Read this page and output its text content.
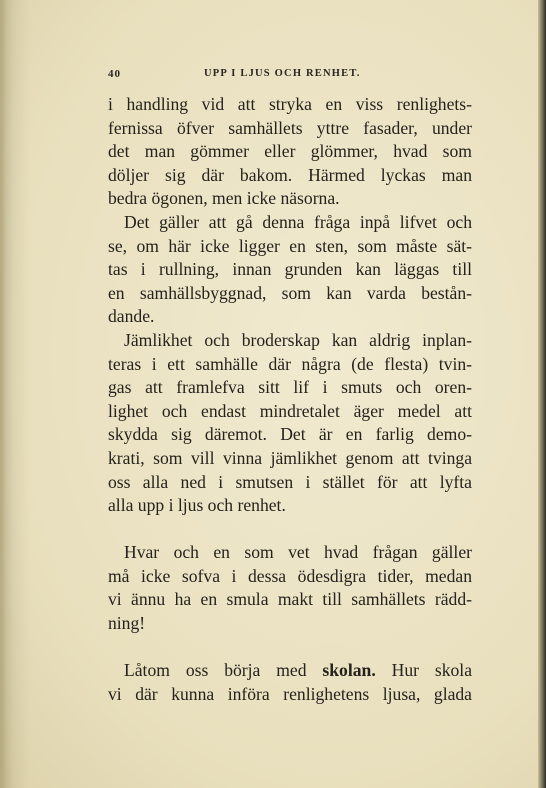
40	UPP I LJUS OCH RENHET.
i handling vid att stryka en viss renlighets-
fernissa öfver samhällets yttre fasader, under
det man gömmer eller glömmer, hvad som
döljer sig där bakom. Härmed lyckas man
bedra ögonen, men icke näsorna.
Det gäller att gå denna fråga inpå lifvet och
se, om här icke ligger en sten, som måste sät-
tas i rullning, innan grunden kan läggas till
en samhällsbyggnad, som kan varda bestån-
dande.
Jämlikhet och broderskap kan aldrig inplan-
teras i ett samhälle där några (de flesta) tvin-
gas att framlefva sitt lif i smuts och oren-
lighet och endast mindretalet äger medel att
skydda sig däremot. Det är en farlig demo-
krati, som vill vinna jämlikhet genom att tvinga
oss alla ned i smutsen i stället för att lyfta
alla upp i ljus och renhet.
Hvar och en som vet hvad frågan gäller
må icke sofva i dessa ödesdigra tider, medan
vi ännu ha en smula makt till samhällets rädd-
ning!
Låtom oss börja med skolan. Hur skola
vi där kunna införa renlighetens ljusa, glada
